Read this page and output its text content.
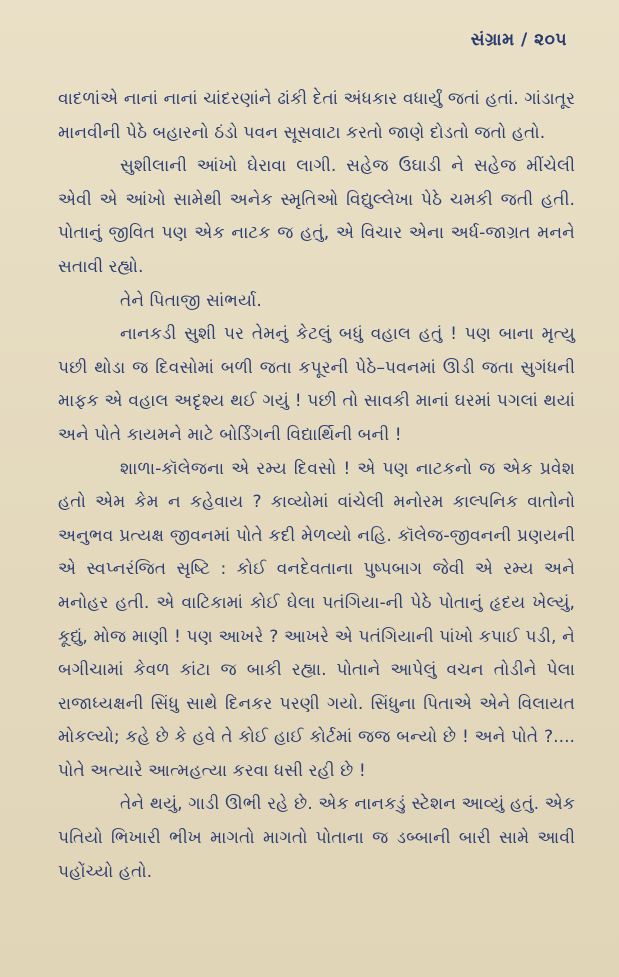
સંગ્રામ / ૨૦૫

વાદળાંએ નાનાં નાનાં ચાંદરણાંને ઢાંકી દેતાં અંધકાર વધાર્યું જતાં હતાં. ગાંડાતૂર માનવીની પેઠે બહારનો ઠંડો પવન સૂસવાટા કરતો જાણે દોડતો જતો હતો.

સુશીલાની આંખો ઘેરાવા લાગી. સહેજ ઉઘાડી ને સહેજ મીંચેલી એવી એ આંખો સામેથી અનેક સ્મૃતિઓ વિદ્યુલ્લેખા પેઠે ચમકી જતી હતી. પોતાનું જીવિત પણ એક નાટક જ હતું, એ વિચાર એના અર્ધ-જાગ્રત મનને સતાવી રહ્યો.

તેને પિતાજી સાંભર્યા.

નાનકડી સુશી પર તેમનું કેટલું બધું વહાલ હતું ! પણ બાના મૃત્યુ પછી થોડા જ દિવસોમાં બળી જતા કપૂરની પેઠે–પવનમાં ઊડી જતા સુગંધની માફક એ વહાલ અદૃશ્ય થઈ ગયું ! પછી તો સાવકી માનાં ઘરમાં પગલાં થયાં અને પોતે કાયમને માટે બોર્ડિંગની વિદ્યાર્થિની બની !

શાળા-કૉલેજના એ રમ્ય દિવસો ! એ પણ નાટકનો જ એક પ્રવેશ હતો એમ કેમ ન કહેવાય ? કાવ્યોમાં વાંચેલી મનોરમ કાલ્પનિક વાતોનો અનુભવ પ્રત્યક્ષ જીવનમાં પોતે કદી મેળવ્યો નહિ. કૉલેજ-જીવનની પ્રણયની એ સ્વપ્નરંજિત સૃષ્ટિ : કોઈ વનદેવતાના પુષ્પબાગ જેવી એ રમ્ય અને મનોહર હતી. એ વાટિકામાં કોઈ ઘેલા પતંગિયા-ની પેઠે પોતાનું હૃદય ખેલ્યું, કૂદ્યું, મોજ માણી ! પણ આખરે ? આખરે એ પતંગિયાની પાંખો કપાઈ પડી, ને બગીચામાં કેવળ કાંટા જ બાકી રહ્યા. પોતાને આપેલું વચન તોડીને પેલા રાજાધ્યક્ષની સિંધુ સાથે દિનકર પરણી ગયો. સિંધુના પિતાએ એને વિલાયત મોકલ્યો; કહે છે કે હવે તે કોઈ હાઈ કોર્ટમાં જજ બન્યો છે ! અને પોતે ?.... પોતે અત્યારે આત્મહત્યા કરવા ધસી રહી છે !

તેને થયું, ગાડી ઊભી રહે છે. એક નાનકડું સ્ટેશન આવ્યું હતું. એક પતિયો ભિખારી ભીખ માગતો માગતો પોતાના જ ડબ્બાની બારી સામે આવી પહોંચ્યો હતો.
